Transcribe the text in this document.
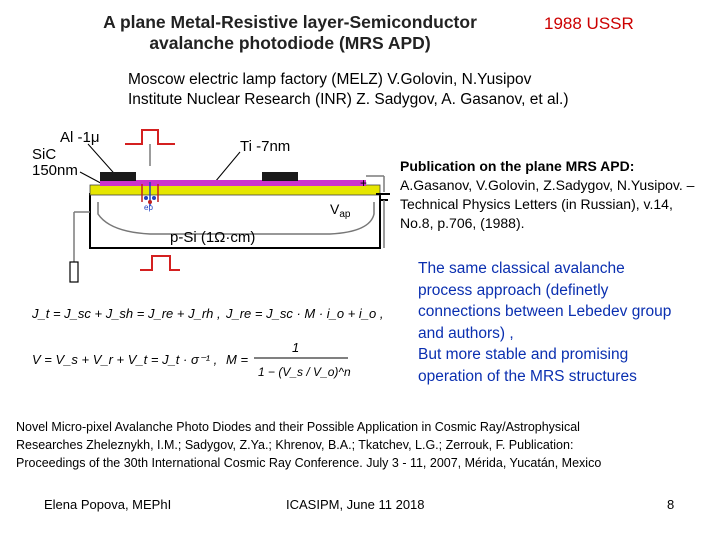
A plane Metal-Resistive layer-Semiconductor
avalanche photodiode (MRS APD)
1988 USSR
Moscow electric lamp factory (MELZ) V.Golovin, N.Yusipov
Institute Nuclear Research (INR) Z. Sadygov, A. Gasanov, et al.)
Al -1μ
SiC
150nm
Ti -7nm
ep
p-Si (1Ω·cm)
+
$V_{ap}$
Publication on the plane MRS APD:
A.Gasanov, V.Golovin, Z.Sadygov, N.Yusipov. –Technical Physics Letters (in Russian), v.14, No.8, p.706, (1988).
The same classical avalanche
process approach (definetly
connections between Lebedev group
and authors) ,
But more stable and promising
operation of the MRS structures
J_t = J_sc + J_sh = J_re + J_rh , J_re = J_sc · M · i_o + i_o ,
V = V_s + V_r + V_t = J_t · σ⁻¹ , M =
1
1 − (V_s / V_o)^n
Novel Micro-pixel Avalanche Photo Diodes and their Possible Application in Cosmic Ray/Astrophysical
Researches Zheleznykh, I.M.; Sadygov, Z.Ya.; Khrenov, B.A.; Tkatchev, L.G.; Zerrouk, F. Publication:
Proceedings of the 30th International Cosmic Ray Conference. July 3 - 11, 2007, Mérida, Yucatán, Mexico
Elena Popova, MEPhI	ICASIPM, June 11 2018	8
